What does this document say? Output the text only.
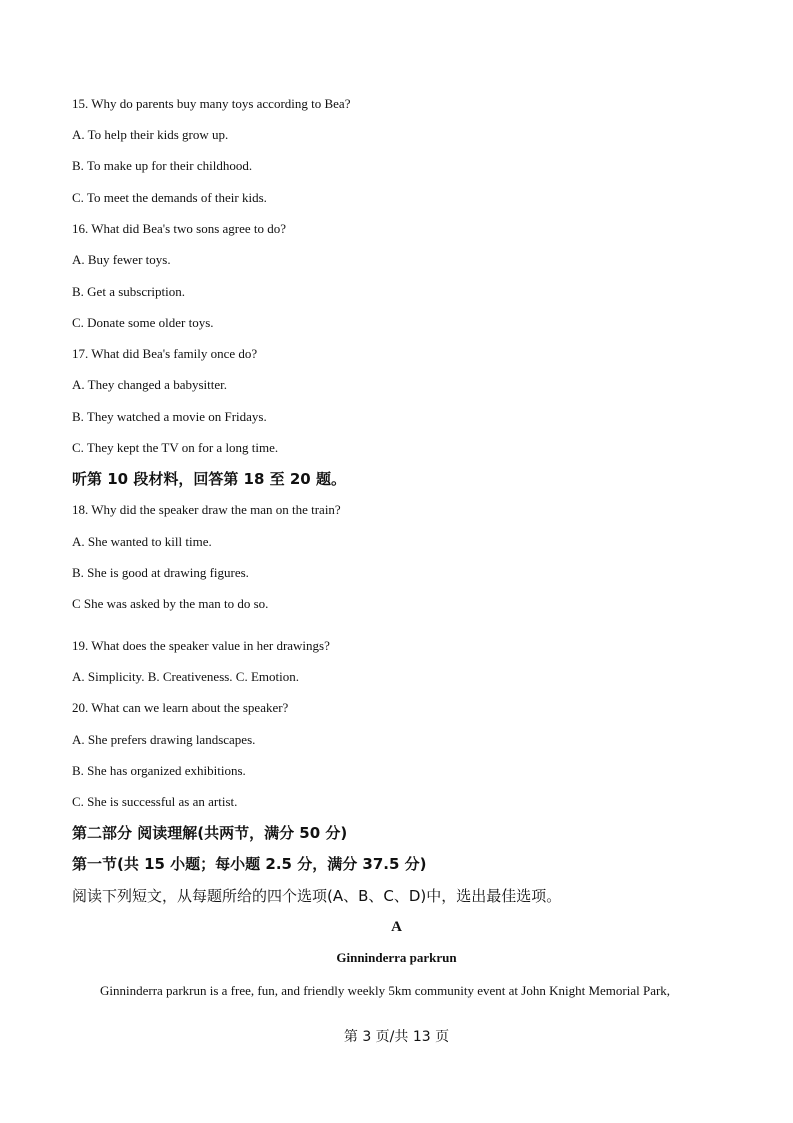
15. Why do parents buy many toys according to Bea?
A. To help their kids grow up.
B. To make up for their childhood.
C. To meet the demands of their kids.
16. What did Bea's two sons agree to do?
A. Buy fewer toys.
B. Get a subscription.
C. Donate some older toys.
17. What did Bea's family once do?
A. They changed a babysitter.
B. They watched a movie on Fridays.
C. They kept the TV on for a long time.
听第 10 段材料，回答第 18 至 20 题。
18. Why did the speaker draw the man on the train?
A. She wanted to kill time.
B. She is good at drawing figures.
C She was asked by the man to do so.
19. What does the speaker value in her drawings?
A. Simplicity. B. Creativeness. C. Emotion.
20. What can we learn about the speaker?
A. She prefers drawing landscapes.
B. She has organized exhibitions.
C. She is successful as an artist.
第二部分 阅读理解(共两节，满分 50 分)
第一节(共 15 小题；每小题 2.5 分，满分 37.5 分)
阅读下列短文，从每题所给的四个选项(A、B、C、D)中，选出最佳选项。
A
Ginninderra parkrun
Ginninderra parkrun is a free, fun, and friendly weekly 5km community event at John Knight Memorial Park,
第 3 页/共 13 页
